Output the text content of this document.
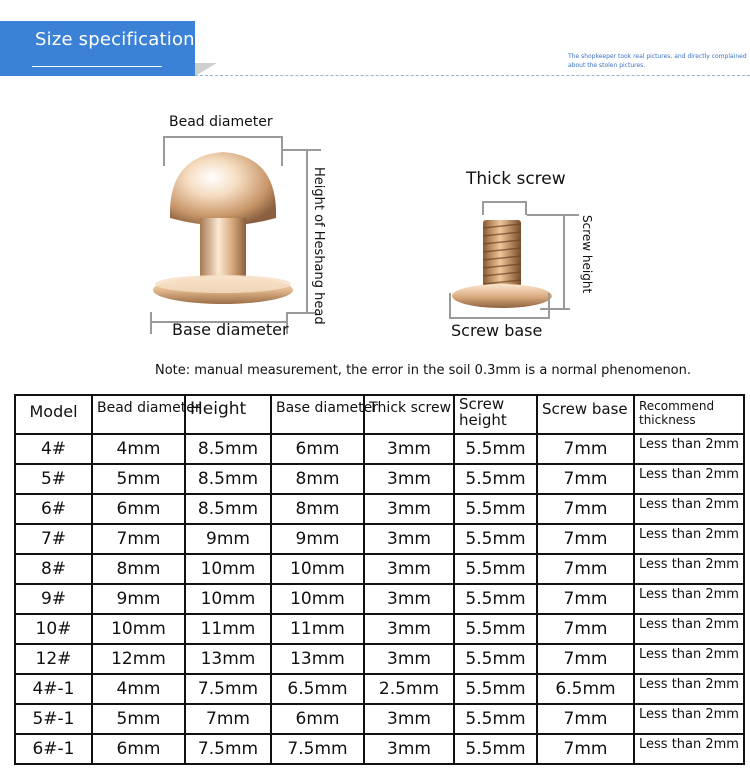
Size specification
The shopkeeper took real pictures, and directly complained about the stolen pictures.
Bead diameter
Height of Heshang head
Base diameter
Thick screw
Screw height
Screw base
Note: manual measurement, the error in the soil 0.3mm is a normal phenomenon.
Model	Bead diameter	Height	Base diameter	Thick screw	Screw height	Screw base	Recommend thickness
4#	4mm	8.5mm	6mm	3mm	5.5mm	7mm	Less than 2mm
5#	5mm	8.5mm	8mm	3mm	5.5mm	7mm	Less than 2mm
6#	6mm	8.5mm	8mm	3mm	5.5mm	7mm	Less than 2mm
7#	7mm	9mm	9mm	3mm	5.5mm	7mm	Less than 2mm
8#	8mm	10mm	10mm	3mm	5.5mm	7mm	Less than 2mm
9#	9mm	10mm	10mm	3mm	5.5mm	7mm	Less than 2mm
10#	10mm	11mm	11mm	3mm	5.5mm	7mm	Less than 2mm
12#	12mm	13mm	13mm	3mm	5.5mm	7mm	Less than 2mm
4#-1	4mm	7.5mm	6.5mm	2.5mm	5.5mm	6.5mm	Less than 2mm
5#-1	5mm	7mm	6mm	3mm	5.5mm	7mm	Less than 2mm
6#-1	6mm	7.5mm	7.5mm	3mm	5.5mm	7mm	Less than 2mm
